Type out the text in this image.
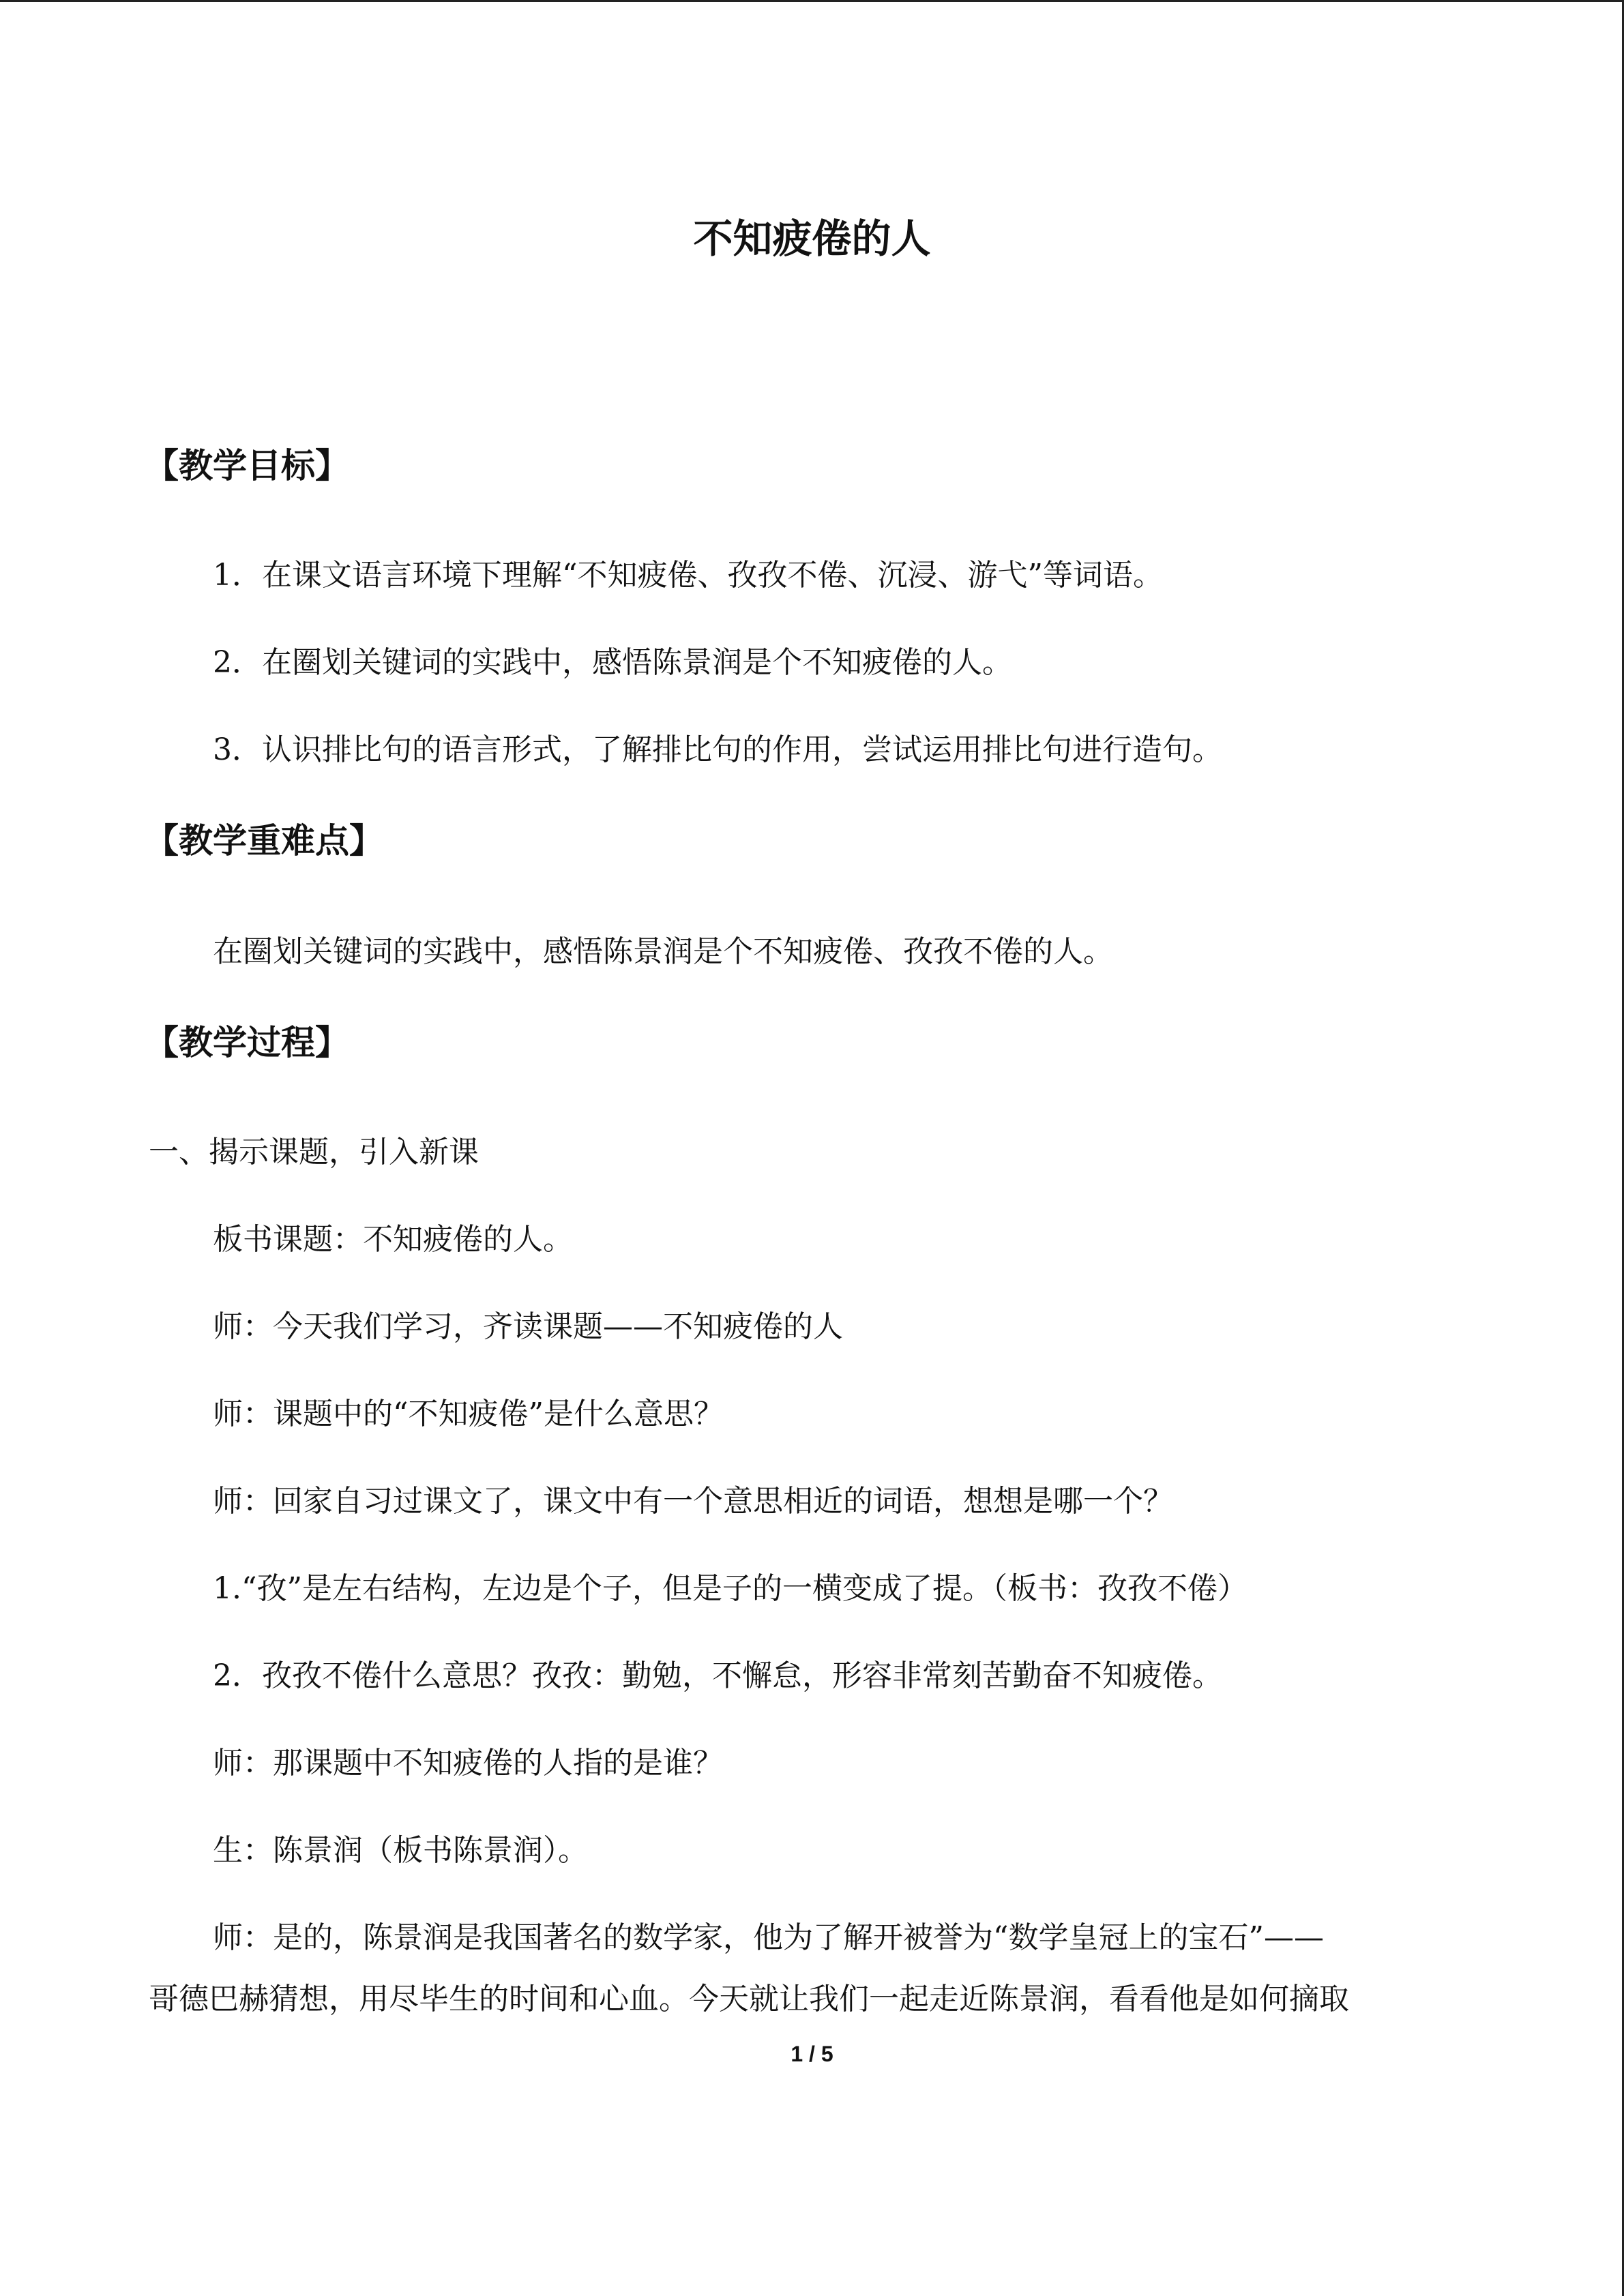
不知疲倦的人
【教学目标】
1．在课文语言环境下理解“不知疲倦、孜孜不倦、沉浸、游弋”等词语。
2．在圈划关键词的实践中，感悟陈景润是个不知疲倦的人。
3．认识排比句的语言形式，了解排比句的作用，尝试运用排比句进行造句。
【教学重难点】
在圈划关键词的实践中，感悟陈景润是个不知疲倦、孜孜不倦的人。
【教学过程】
一、揭示课题，引入新课
板书课题：不知疲倦的人。
师：今天我们学习，齐读课题——不知疲倦的人
师：课题中的“不知疲倦”是什么意思？
师：回家自习过课文了，课文中有一个意思相近的词语，想想是哪一个？
1.“孜”是左右结构，左边是个子，但是子的一横变成了提。（板书：孜孜不倦）
2．孜孜不倦什么意思？孜孜：勤勉，不懈怠，形容非常刻苦勤奋不知疲倦。
师：那课题中不知疲倦的人指的是谁？
生：陈景润（板书陈景润）。
师：是的，陈景润是我国著名的数学家，他为了解开被誉为“数学皇冠上的宝石”——
哥德巴赫猜想，用尽毕生的时间和心血。今天就让我们一起走近陈景润，看看他是如何摘取
1 / 5
